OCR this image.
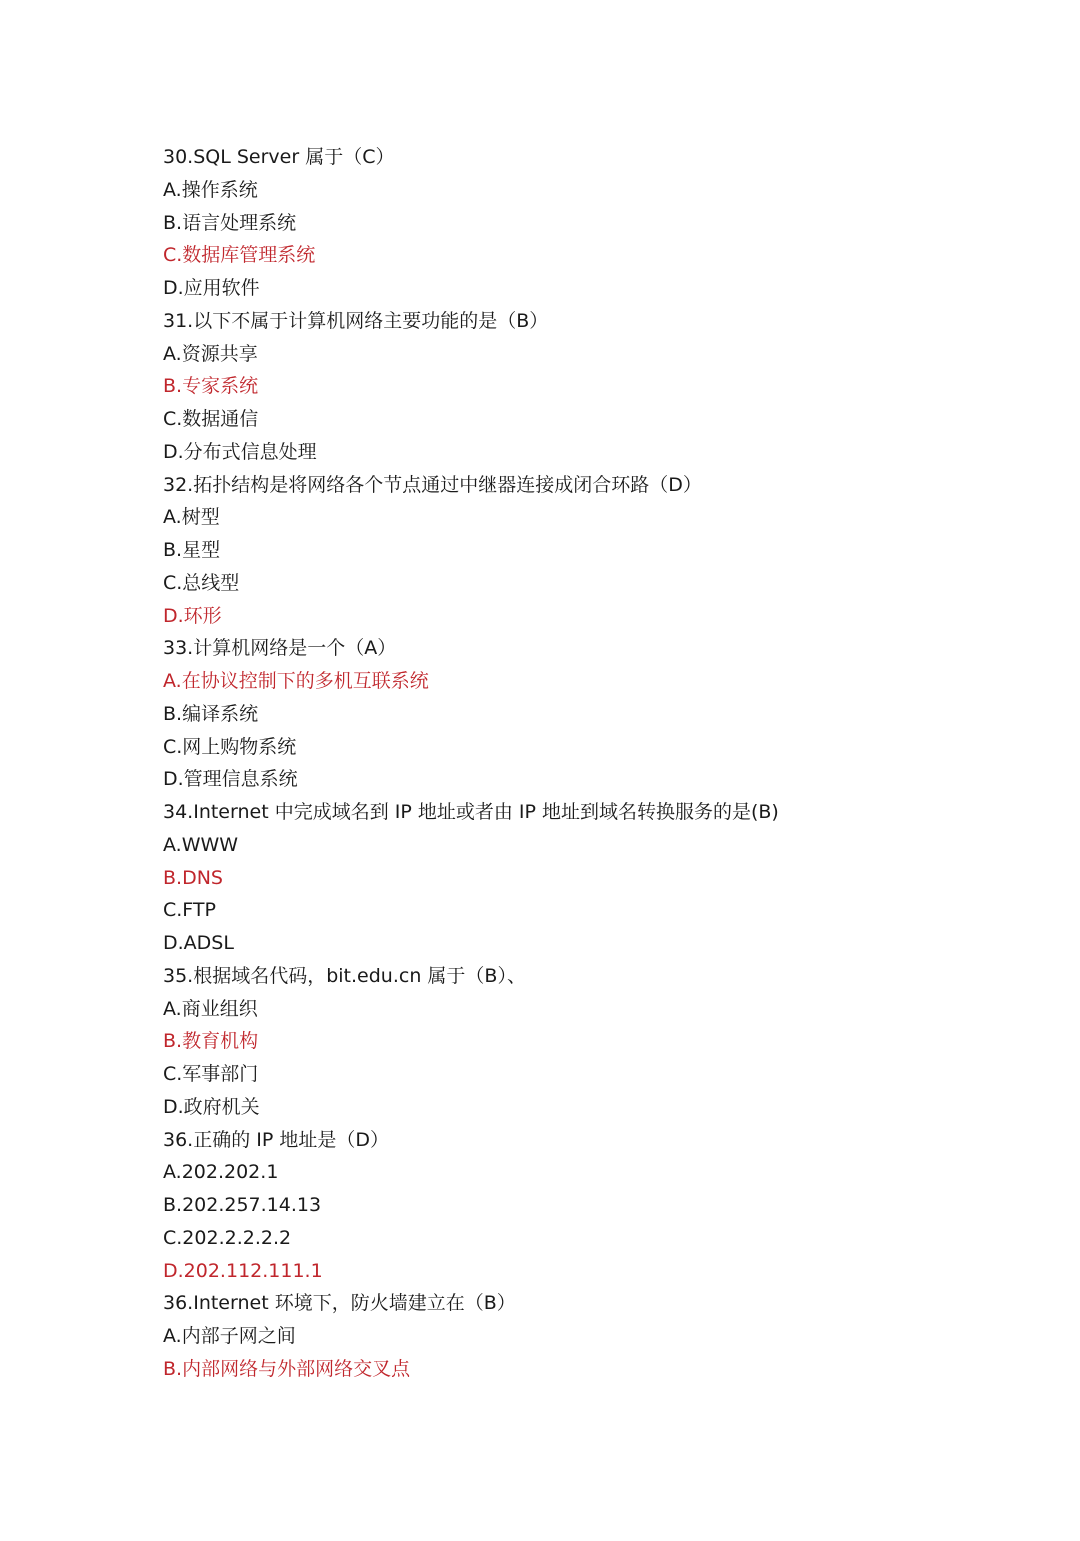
30.SQL Server 属于（C）
A.操作系统
B.语言处理系统
C.数据库管理系统
D.应用软件
31.以下不属于计算机网络主要功能的是（B）
A.资源共享
B.专家系统
C.数据通信
D.分布式信息处理
32.拓扑结构是将网络各个节点通过中继器连接成闭合环路（D）
A.树型
B.星型
C.总线型
D.环形
33.计算机网络是一个（A）
A.在协议控制下的多机互联系统
B.编译系统
C.网上购物系统
D.管理信息系统
34.Internet 中完成域名到 IP 地址或者由 IP 地址到域名转换服务的是(B)
A.WWW
B.DNS
C.FTP
D.ADSL
35.根据域名代码，bit.edu.cn 属于（B）、
A.商业组织
B.教育机构
C.军事部门
D.政府机关
36.正确的 IP 地址是（D）
A.202.202.1
B.202.257.14.13
C.202.2.2.2.2
D.202.112.111.1
36.Internet 环境下，防火墙建立在（B）
A.内部子网之间
B.内部网络与外部网络交叉点
